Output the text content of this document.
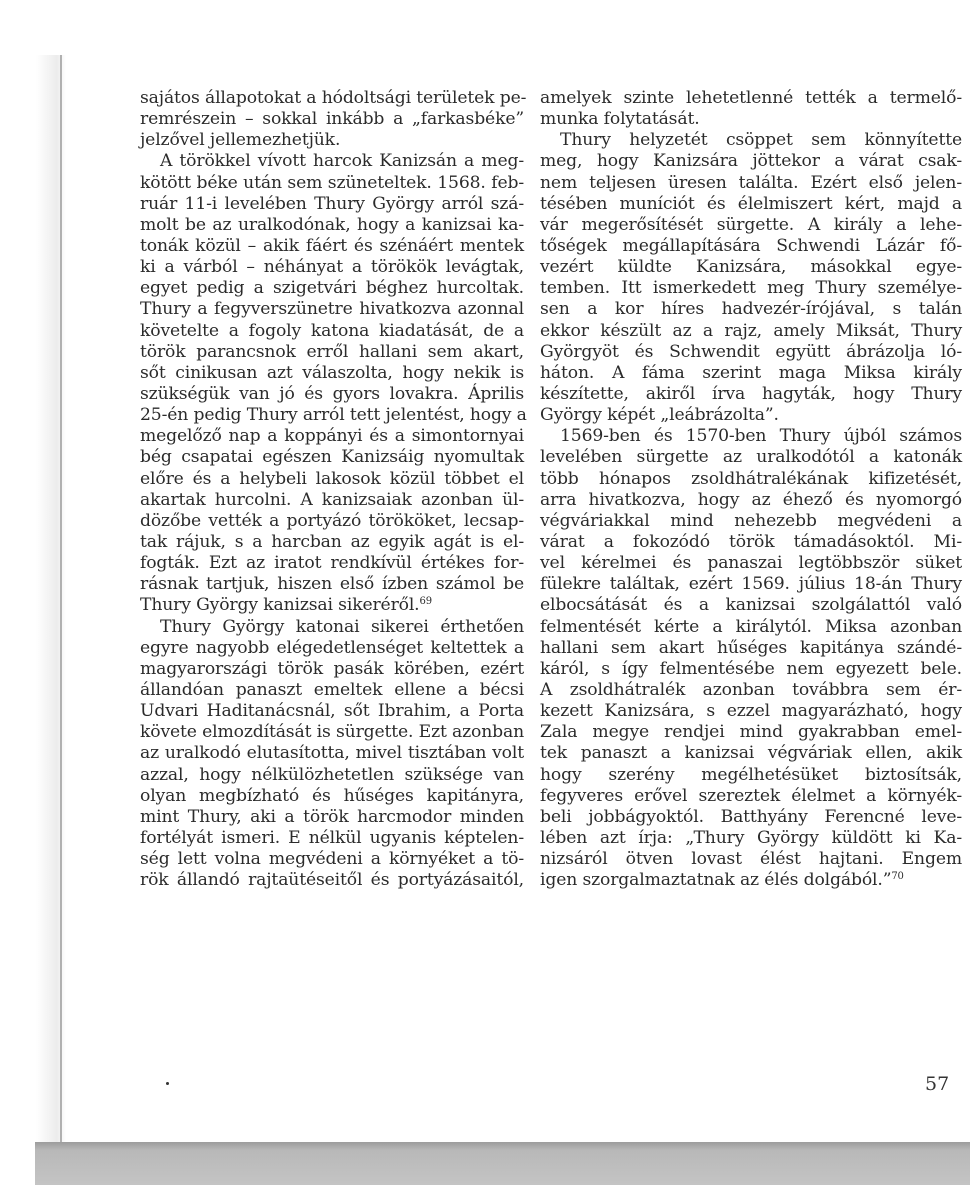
sajátos állapotokat a hódoltsági területek pe-
remrészein – sokkal inkább a „farkasbéke”
jelzővel jellemezhetjük.
A törökkel vívott harcok Kanizsán a meg-
kötött béke után sem szüneteltek. 1568. feb-
ruár 11-i levelében Thury György arról szá-
molt be az uralkodónak, hogy a kanizsai ka-
tonák közül – akik fáért és szénáért mentek
ki a várból – néhányat a törökök levágtak,
egyet pedig a szigetvári béghez hurcoltak.
Thury a fegyverszünetre hivatkozva azonnal
követelte a fogoly katona kiadatását, de a
török parancsnok erről hallani sem akart,
sőt cinikusan azt válaszolta, hogy nekik is
szükségük van jó és gyors lovakra. Április
25-én pedig Thury arról tett jelentést, hogy a
megelőző nap a koppányi és a simontornyai
bég csapatai egészen Kanizsáig nyomultak
előre és a helybeli lakosok közül többet el
akartak hurcolni. A kanizsaiak azonban ül-
dözőbe vették a portyázó törököket, lecsap-
tak rájuk, s a harcban az egyik agát is el-
fogták. Ezt az iratot rendkívül értékes for-
rásnak tartjuk, hiszen első ízben számol be
Thury György kanizsai sikeréről.$^{69}$
Thury György katonai sikerei érthetően
egyre nagyobb elégedetlenséget keltettek a
magyarországi török pasák körében, ezért
állandóan panaszt emeltek ellene a bécsi
Udvari Haditanácsnál, sőt Ibrahim, a Porta
követe elmozdítását is sürgette. Ezt azonban
az uralkodó elutasította, mivel tisztában volt
azzal, hogy nélkülözhetetlen szüksége van
olyan megbízható és hűséges kapitányra,
mint Thury, aki a török harcmodor minden
fortélyát ismeri. E nélkül ugyanis képtelen-
ség lett volna megvédeni a környéket a tö-
rök állandó rajtaütéseitől és portyázásaitól,
amelyek szinte lehetetlenné tették a termelő-
munka folytatását.
Thury helyzetét csöppet sem könnyítette
meg, hogy Kanizsára jöttekor a várat csak-
nem teljesen üresen találta. Ezért első jelen-
tésében muníciót és élelmiszert kért, majd a
vár megerősítését sürgette. A király a lehe-
tőségek megállapítására Schwendi Lázár fő-
vezért küldte Kanizsára, másokkal egye-
temben. Itt ismerkedett meg Thury személye-
sen a kor híres hadvezér-írójával, s talán
ekkor készült az a rajz, amely Miksát, Thury
Györgyöt és Schwendit együtt ábrázolja ló-
háton. A fáma szerint maga Miksa király
készítette, akiről írva hagyták, hogy Thury
György képét „leábrázolta”.
1569-ben és 1570-ben Thury újból számos
levelében sürgette az uralkodótól a katonák
több hónapos zsoldhátralékának kifizetését,
arra hivatkozva, hogy az éhező és nyomorgó
végváriakkal mind nehezebb megvédeni a
várat a fokozódó török támadásoktól. Mi-
vel kérelmei és panaszai legtöbbször süket
fülekre találtak, ezért 1569. július 18-án Thury
elbocsátását és a kanizsai szolgálattól való
felmentését kérte a királytól. Miksa azonban
hallani sem akart hűséges kapitánya szándé-
káról, s így felmentésébe nem egyezett bele.
A zsoldhátralék azonban továbbra sem ér-
kezett Kanizsára, s ezzel magyarázható, hogy
Zala megye rendjei mind gyakrabban emel-
tek panaszt a kanizsai végváriak ellen, akik
hogy szerény megélhetésüket biztosítsák,
fegyveres erővel szereztek élelmet a környék-
beli jobbágyoktól. Batthyány Ferencné leve-
lében azt írja: „Thury György küldött ki Ka-
nizsáról ötven lovast élést hajtani. Engem
igen szorgalmaztatnak az élés dolgából.”$^{70}$
57
